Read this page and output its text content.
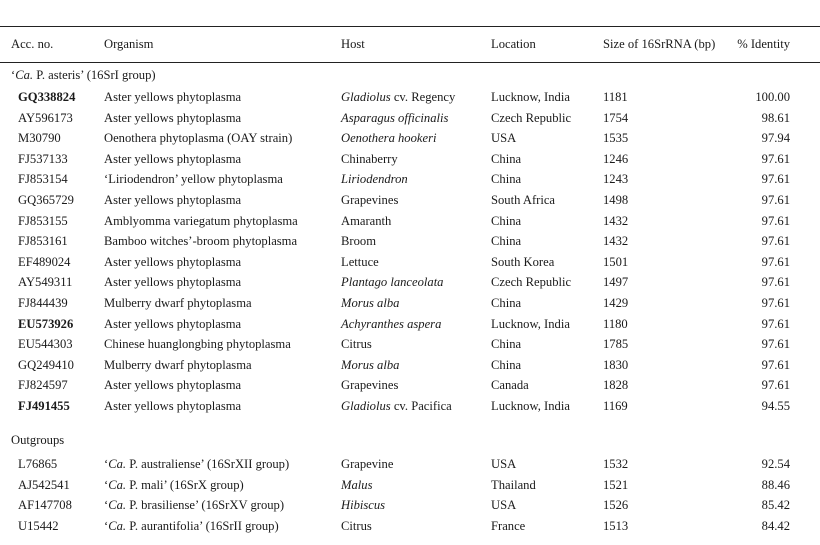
Acc. no.	Organism	Host	Location	Size of 16SrRNA (bp) % Identity
‘Ca. P. asteris’ (16SrI group)
GQ338824 Aster yellows phytoplasma	Gladiolus cv. Regency	Lucknow, India	1181	100.00
AY596173 Aster yellows phytoplasma	Asparagus officinalis	Czech Republic	1754	98.61
M30790	Oenothera phytoplasma (OAY strain)	Oenothera hookeri	USA	1535	97.94
FJ537133	Aster yellows phytoplasma	Chinaberry	China	1246	97.61
FJ853154	‘Liriodendron’ yellow phytoplasma	Liriodendron	China	1243	97.61
GQ365729 Aster yellows phytoplasma	Grapevines	South Africa	1498	97.61
FJ853155	Amblyomma variegatum phytoplasma	Amaranth	China	1432	97.61
FJ853161	Bamboo witches’-broom phytoplasma	Broom	China	1432	97.61
EF489024	Aster yellows phytoplasma	Lettuce	South Korea	1501	97.61
AY549311	Aster yellows phytoplasma	Plantago lanceolata	Czech Republic	1497	97.61
FJ844439	Mulberry dwarf phytoplasma	Morus alba	China	1429	97.61
EU573926 Aster yellows phytoplasma	Achyranthes aspera	Lucknow, India	1180	97.61
EU544303 Chinese huanglongbing phytoplasma	Citrus	China	1785	97.61
GQ249410 Mulberry dwarf phytoplasma	Morus alba	China	1830	97.61
FJ824597	Aster yellows phytoplasma	Grapevines	Canada	1828	97.61
FJ491455	Aster yellows phytoplasma	Gladiolus cv. Pacifica	Lucknow, India	1169	94.55
Outgroups
L76865	‘Ca. P. australiense’ (16SrXII group)	Grapevine	USA	1532	92.54
AJ542541	‘Ca. P. mali’ (16SrX group)	Malus	Thailand	1521	88.46
AF147708	‘Ca. P. brasiliense’ (16SrXV group)	Hibiscus	USA	1526	85.42
U15442	‘Ca. P. aurantifolia’ (16SrII group)	Citrus	France	1513	84.42
